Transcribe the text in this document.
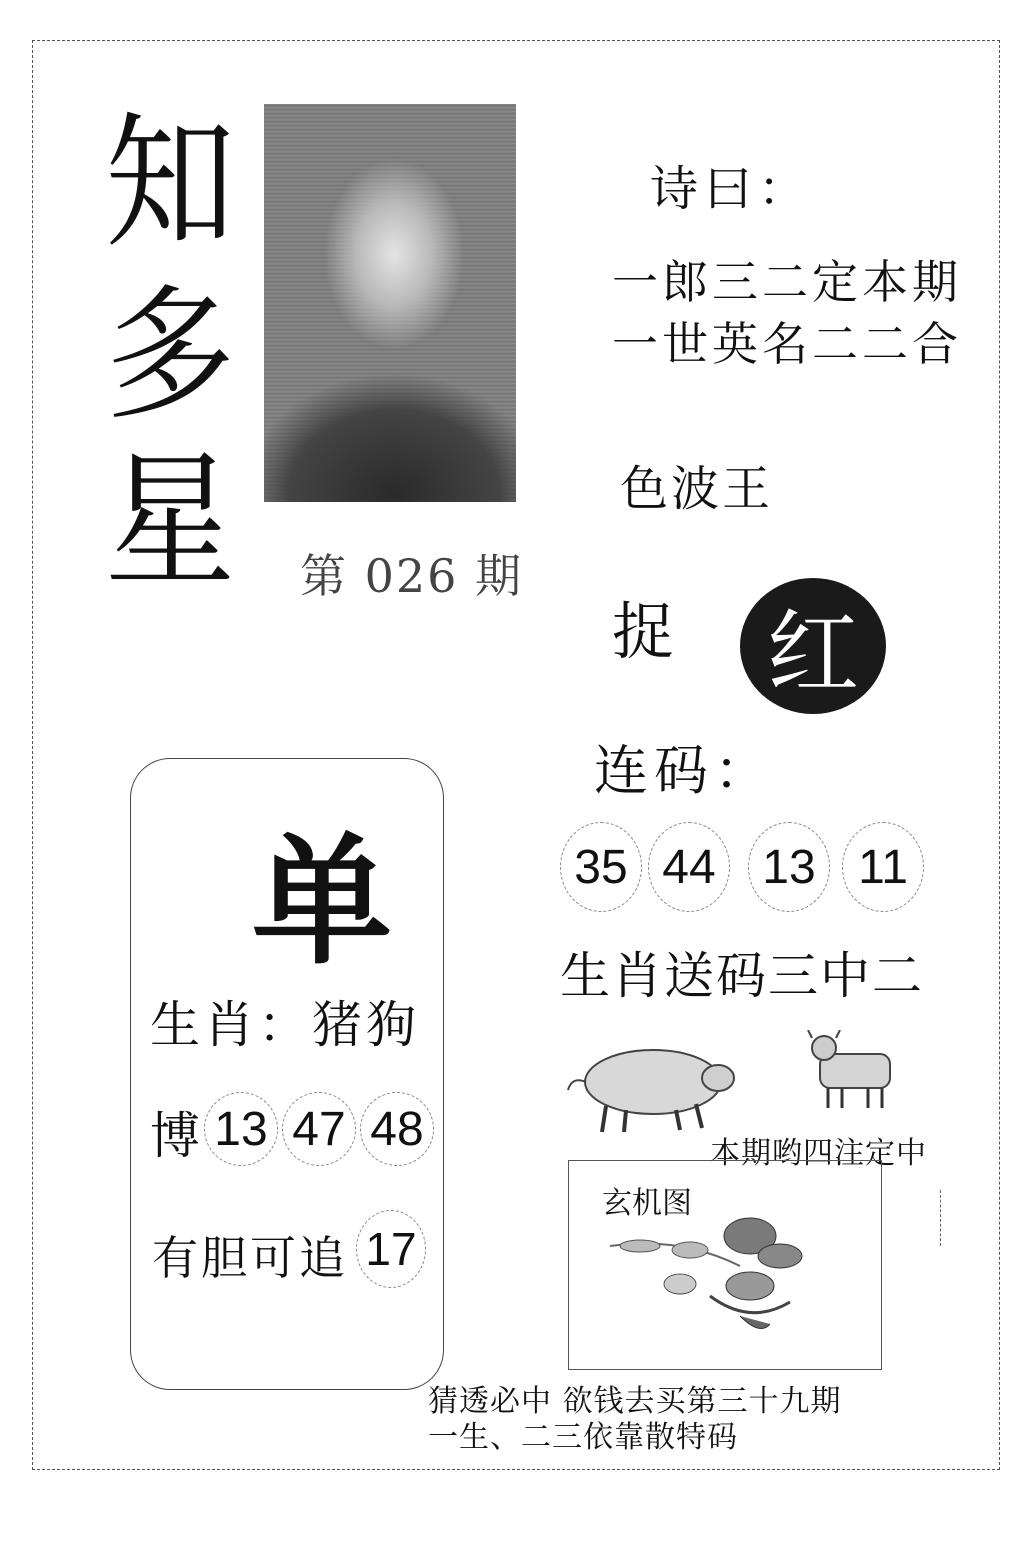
知
多
星 第 026 期
诗曰：
一郎三二定本期
一世英名二二合
色波王
捉 红
连码：
35 44 13 11
生肖送码三中二
本期哟四注定中
玄机图
猜透必中 欲钱去买第三十九期
一生、二三依靠散特码
单
生肖：猪狗
博 13 47 48
有胆可追 17
